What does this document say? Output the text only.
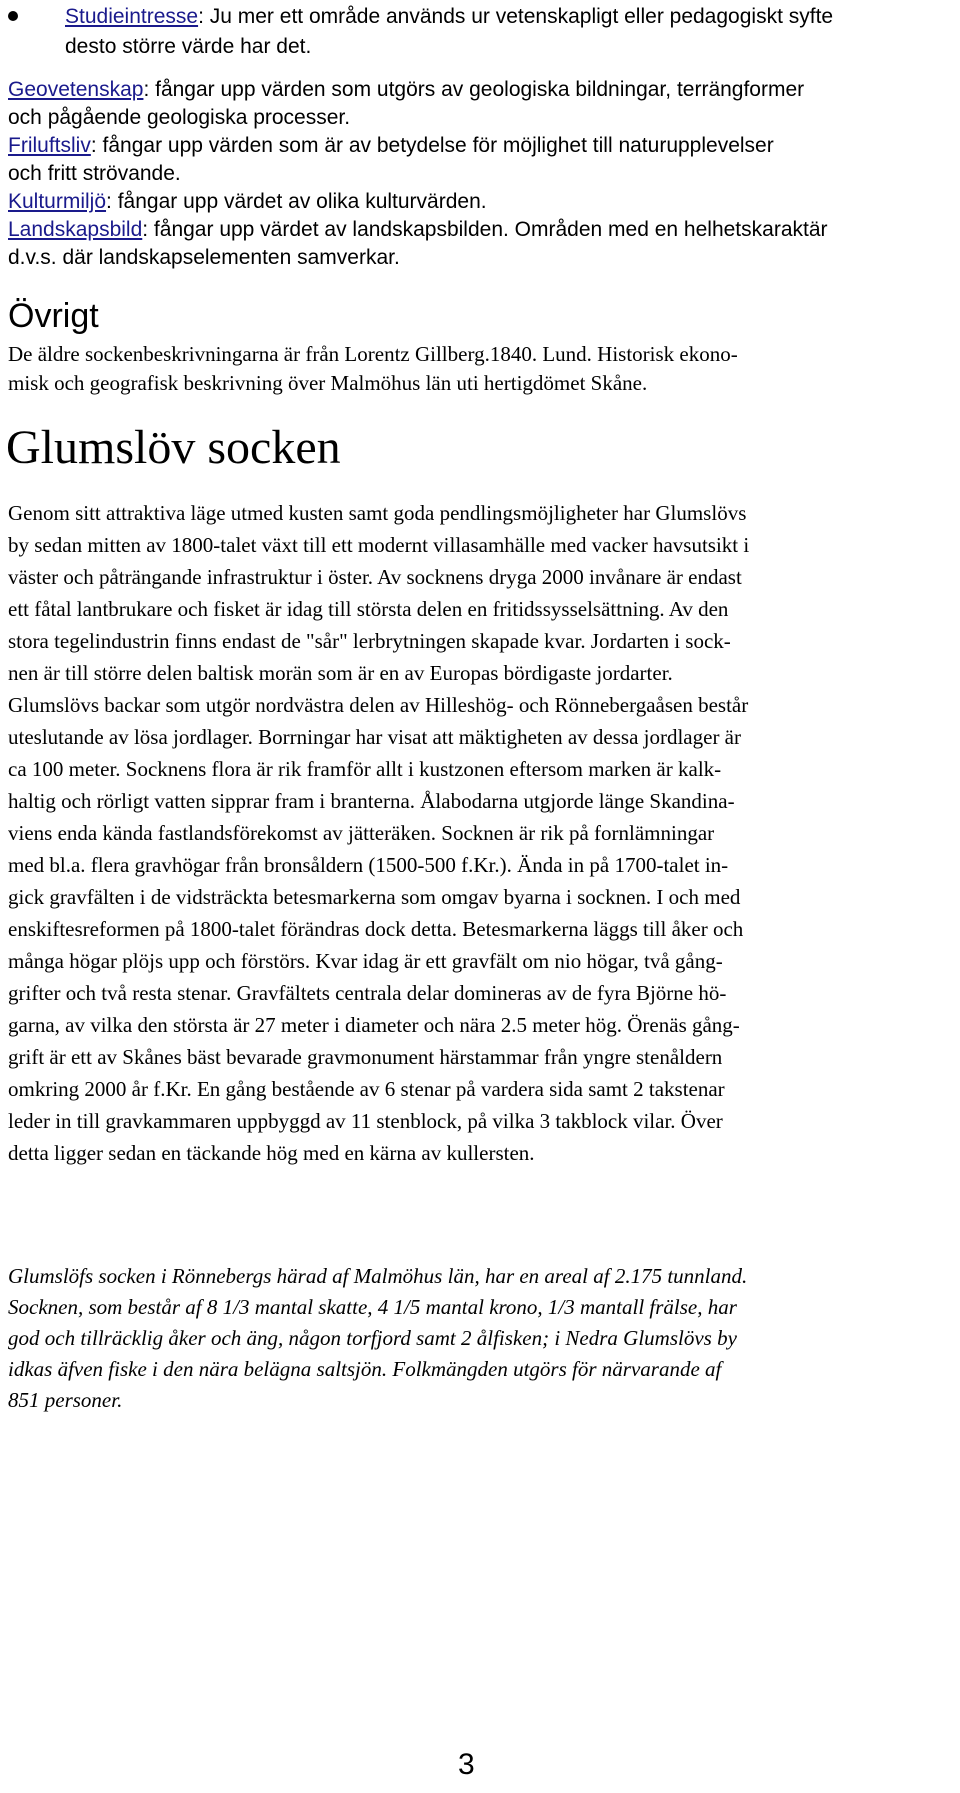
Studieintresse: Ju mer ett område används ur vetenskapligt eller pedagogiskt syfte
desto större värde har det.
Geovetenskap: fångar upp värden som utgörs av geologiska bildningar, terrängformer
och pågående geologiska processer.
Friluftsliv: fångar upp värden som är av betydelse för möjlighet till naturupplevelser
och fritt strövande.
Kulturmiljö: fångar upp värdet av olika kulturvärden.
Landskapsbild: fångar upp värdet av landskapsbilden. Områden med en helhetskaraktär
d.v.s. där landskapselementen samverkar.
Övrigt
De äldre sockenbeskrivningarna är från Lorentz Gillberg.1840. Lund. Historisk ekono-
misk och geografisk beskrivning över Malmöhus län uti hertigdömet Skåne.
Glumslöv socken
Genom sitt attraktiva läge utmed kusten samt goda pendlingsmöjligheter har Glumslövs
by sedan mitten av 1800-talet växt till ett modernt villasamhälle med vacker havsutsikt i
väster och påträngande infrastruktur i öster. Av socknens dryga 2000 invånare är endast
ett fåtal lantbrukare och fisket är idag till största delen en fritidssysselsättning. Av den
stora tegelindustrin finns endast de "sår" lerbrytningen skapade kvar. Jordarten i sock-
nen är till större delen baltisk morän som är en av Europas bördigaste jordarter.
Glumslövs backar som utgör nordvästra delen av Hilleshög- och Rönnebergaåsen består
uteslutande av lösa jordlager. Borrningar har visat att mäktigheten av dessa jordlager är
ca 100 meter. Socknens flora är rik framför allt i kustzonen eftersom marken är kalk-
haltig och rörligt vatten sipprar fram i branterna. Ålabodarna utgjorde länge Skandina-
viens enda kända fastlandsförekomst av jätteräken. Socknen är rik på fornlämningar
med bl.a. flera gravhögar från bronsåldern (1500-500 f.Kr.). Ända in på 1700-talet in-
gick gravfälten i de vidsträckta betesmarkerna som omgav byarna i socknen. I och med
enskiftesreformen på 1800-talet förändras dock detta. Betesmarkerna läggs till åker och
många högar plöjs upp och förstörs. Kvar idag är ett gravfält om nio högar, två gång-
grifter och två resta stenar. Gravfältets centrala delar domineras av de fyra Björne hö-
garna, av vilka den största är 27 meter i diameter och nära 2.5 meter hög. Örenäs gång-
grift är ett av Skånes bäst bevarade gravmonument härstammar från yngre stenåldern
omkring 2000 år f.Kr. En gång bestående av 6 stenar på vardera sida samt 2 takstenar
leder in till gravkammaren uppbyggd av 11 stenblock, på vilka 3 takblock vilar. Över
detta ligger sedan en täckande hög med en kärna av kullersten.
Glumslöfs socken i Rönnebergs härad af Malmöhus län, har en areal af 2.175 tunnland.
Socknen, som består af 8 1/3 mantal skatte, 4 1/5 mantal krono, 1/3 mantall frälse, har
god och tillräcklig åker och äng, någon torfjord samt 2 ålfisken; i Nedra Glumslövs by
idkas äfven fiske i den nära belägna saltsjön. Folkmängden utgörs för närvarande af
851 personer.
3
